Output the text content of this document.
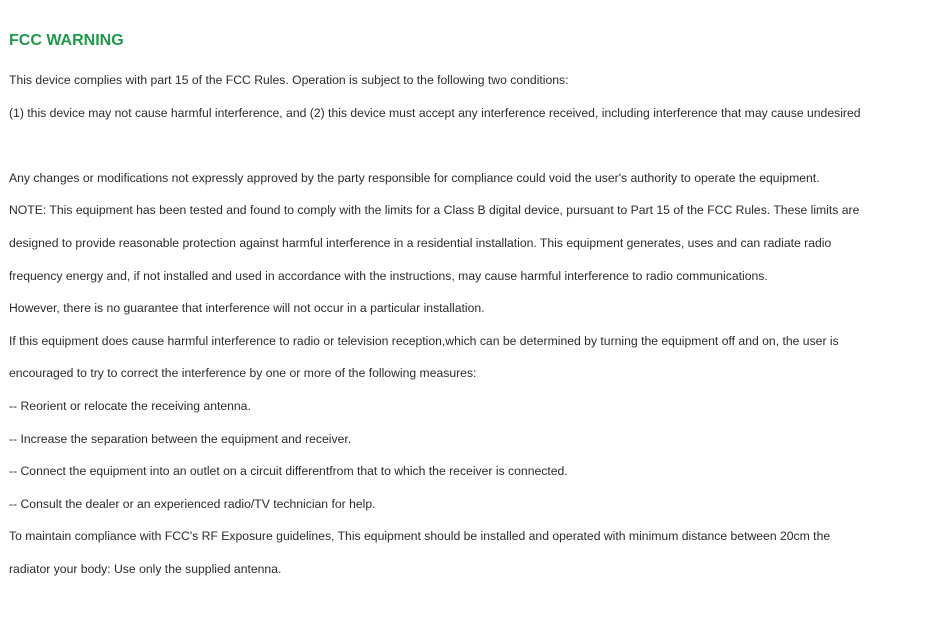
FCC WARNING

This device complies with part 15 of the FCC Rules. Operation is subject to the following two conditions:

(1) this device may not cause harmful interference, and (2) this device must accept any interference received, including interference that may cause undesired

Any changes or modifications not expressly approved by the party responsible for compliance could void the user's authority to operate the equipment.

NOTE: This equipment has been tested and found to comply with the limits for a Class B digital device, pursuant to Part 15 of the FCC Rules. These limits are

designed to provide reasonable protection against harmful interference in a residential installation. This equipment generates, uses and can radiate radio

frequency energy and, if not installed and used in accordance with the instructions, may cause harmful interference to radio communications.

However, there is no guarantee that interference will not occur in a particular installation.

If this equipment does cause harmful interference to radio or television reception,which can be determined by turning the equipment off and on, the user is

encouraged to try to correct the interference by one or more of the following measures:

-- Reorient or relocate the receiving antenna.

-- Increase the separation between the equipment and receiver.

-- Connect the equipment into an outlet on a circuit differentfrom that to which the receiver is connected.

-- Consult the dealer or an experienced radio/TV technician for help.

To maintain compliance with FCC's RF Exposure guidelines, This equipment should be installed and operated with minimum distance between 20cm the

radiator your body: Use only the supplied antenna.
